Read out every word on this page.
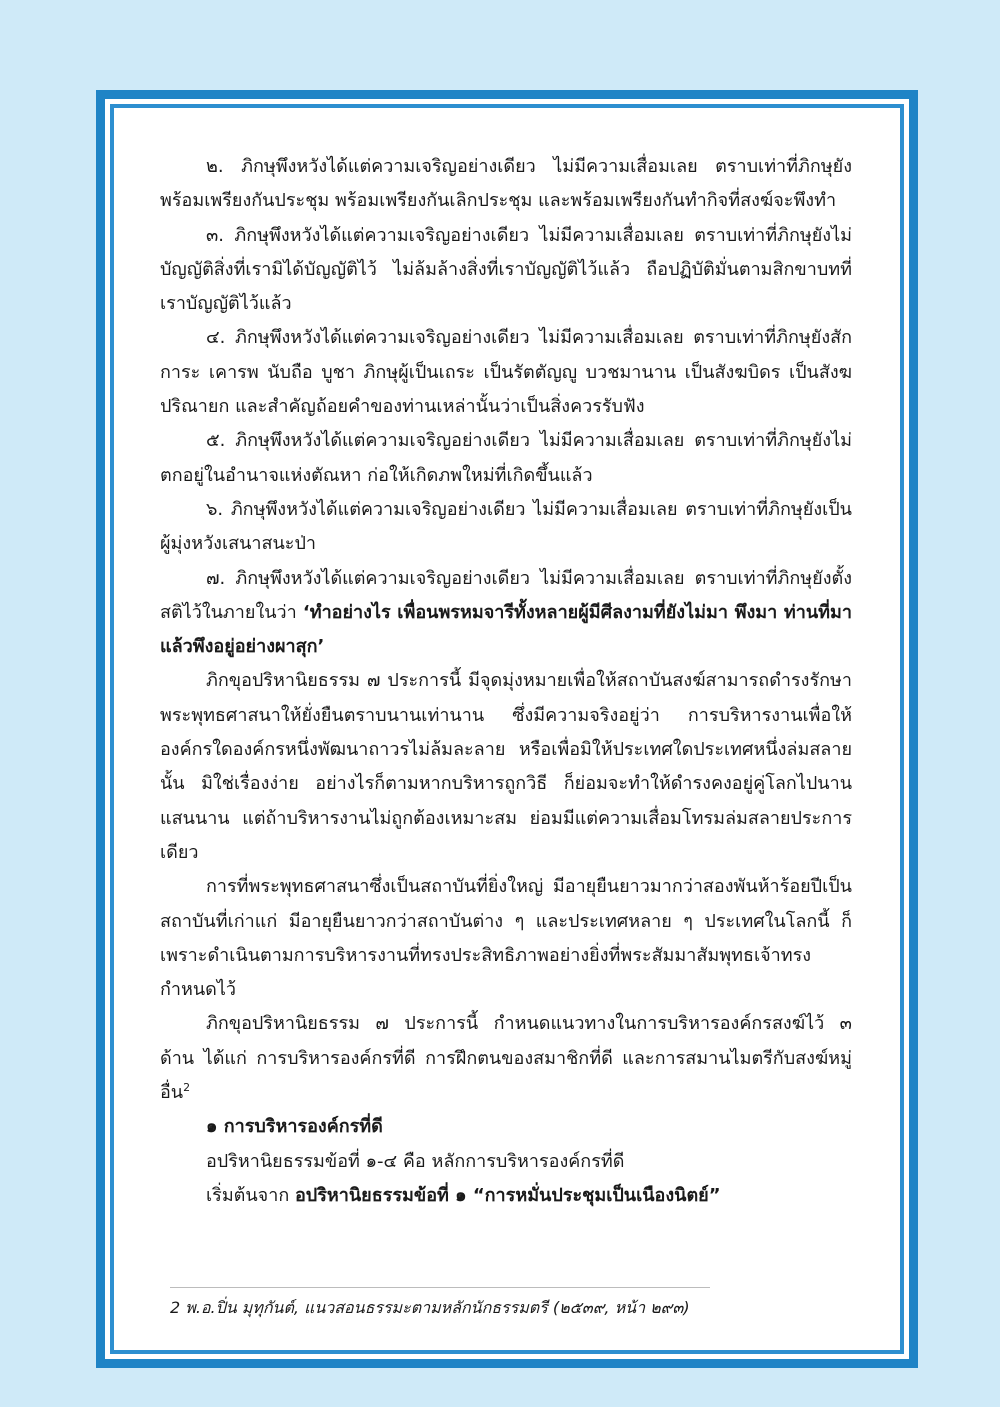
๒. ภิกษุพึงหวังได้แต่ความเจริญอย่างเดียว ไม่มีความเสื่อมเลย ตราบเท่าที่ภิกษุยังพร้อมเพรียงกันประชุม พร้อมเพรียงกันเลิกประชุม และพร้อมเพรียงกันทำกิจที่สงฆ์จะพึงทำ

๓. ภิกษุพึงหวังได้แต่ความเจริญอย่างเดียว ไม่มีความเสื่อมเลย ตราบเท่าที่ภิกษุยังไม่บัญญัติสิ่งที่เรามิได้บัญญัติไว้ ไม่ล้มล้างสิ่งที่เราบัญญัติไว้แล้ว ถือปฏิบัติมั่นตามสิกขาบทที่เราบัญญัติไว้แล้ว

๔. ภิกษุพึงหวังได้แต่ความเจริญอย่างเดียว ไม่มีความเสื่อมเลย ตราบเท่าที่ภิกษุยังสักการะ เคารพ นับถือ บูชา ภิกษุผู้เป็นเถระ เป็นรัตตัญญู บวชมานาน เป็นสังฆบิดร เป็นสังฆปริณายก และสำคัญถ้อยคำของท่านเหล่านั้นว่าเป็นสิ่งควรรับฟัง

๕. ภิกษุพึงหวังได้แต่ความเจริญอย่างเดียว ไม่มีความเสื่อมเลย ตราบเท่าที่ภิกษุยังไม่ตกอยู่ในอำนาจแห่งตัณหา ก่อให้เกิดภพใหม่ที่เกิดขึ้นแล้ว

๖. ภิกษุพึงหวังได้แต่ความเจริญอย่างเดียว ไม่มีความเสื่อมเลย ตราบเท่าที่ภิกษุยังเป็นผู้มุ่งหวังเสนาสนะป่า

๗. ภิกษุพึงหวังได้แต่ความเจริญอย่างเดียว ไม่มีความเสื่อมเลย ตราบเท่าที่ภิกษุยังตั้งสติไว้ในภายในว่า ‘ทำอย่างไร เพื่อนพรหมจารีทั้งหลายผู้มีศีลงามที่ยังไม่มา พึงมา ท่านที่มาแล้วพึงอยู่อย่างผาสุก’

ภิกขุอปริหานิยธรรม ๗ ประการนี้ มีจุดมุ่งหมายเพื่อให้สถาบันสงฆ์สามารถดำรงรักษาพระพุทธศาสนาให้ยั่งยืนตราบนานเท่านาน ซึ่งมีความจริงอยู่ว่า การบริหารงานเพื่อให้องค์กรใดองค์กรหนึ่งพัฒนาถาวรไม่ล้มละลาย หรือเพื่อมิให้ประเทศใดประเทศหนึ่งล่มสลายนั้น มิใช่เรื่องง่าย อย่างไรก็ตามหากบริหารถูกวิธี ก็ย่อมจะทำให้ดำรงคงอยู่คู่โลกไปนานแสนนาน แต่ถ้าบริหารงานไม่ถูกต้องเหมาะสม ย่อมมีแต่ความเสื่อมโทรมล่มสลายประการเดียว

การที่พระพุทธศาสนาซึ่งเป็นสถาบันที่ยิ่งใหญ่ มีอายุยืนยาวมากว่าสองพันห้าร้อยปีเป็นสถาบันที่เก่าแก่ มีอายุยืนยาวกว่าสถาบันต่าง ๆ และประเทศหลาย ๆ ประเทศในโลกนี้ ก็เพราะดำเนินตามการบริหารงานที่ทรงประสิทธิภาพอย่างยิ่งที่พระสัมมาสัมพุทธเจ้าทรงกำหนดไว้

ภิกขุอปริหานิยธรรม ๗ ประการนี้ กำหนดแนวทางในการบริหารองค์กรสงฆ์ไว้ ๓ ด้าน ได้แก่ การบริหารองค์กรที่ดี การฝึกตนของสมาชิกที่ดี และการสมานไมตรีกับสงฆ์หมู่อื่น$^2$

๑ การบริหารองค์กรที่ดี

อปริหานิยธรรมข้อที่ ๑-๔ คือ หลักการบริหารองค์กรที่ดี

เริ่มต้นจาก อปริหานิยธรรมข้อที่ ๑ “การหมั่นประชุมเป็นเนืองนิตย์”

2 พ.อ.ปิ่น มุทุกันต์, แนวสอนธรรมะตามหลักนักธรรมตรี (๒๕๓๙, หน้า ๒๙๓)
